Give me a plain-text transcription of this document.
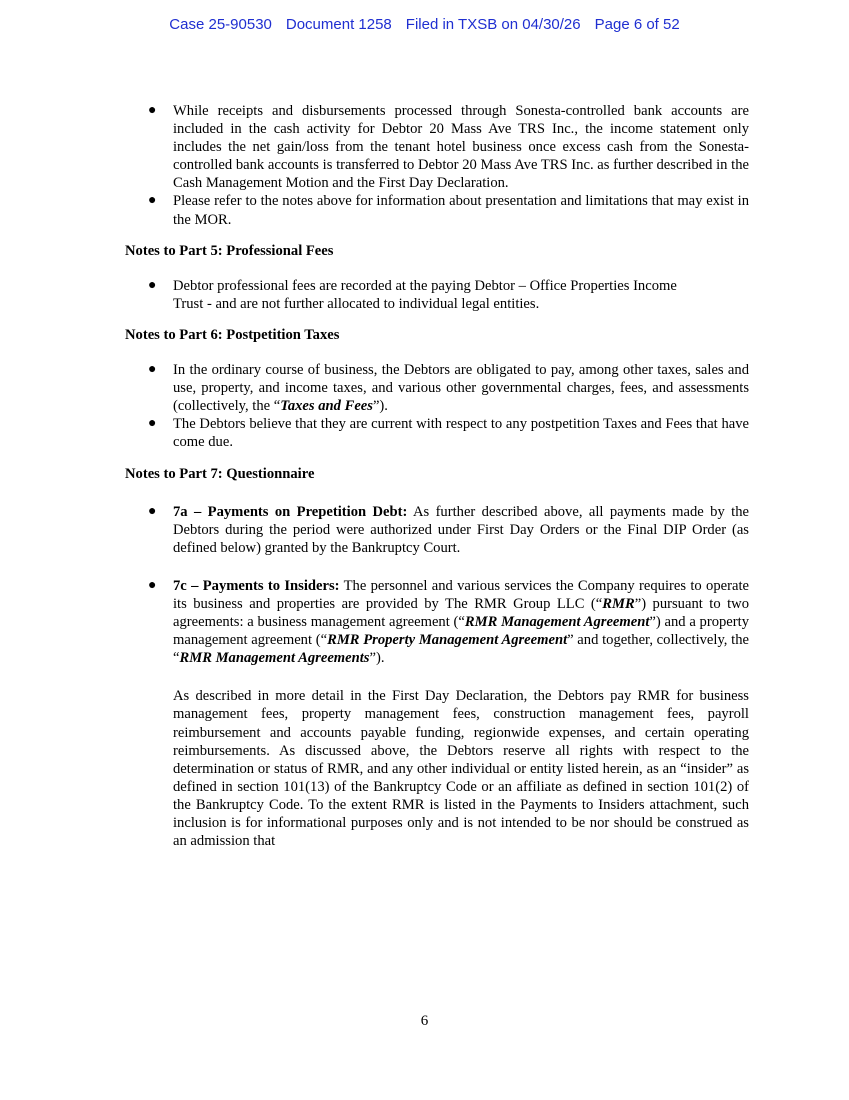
Case 25-90530 Document 1258 Filed in TXSB on 04/30/26 Page 6 of 52
● While receipts and disbursements processed through Sonesta-controlled bank accounts are included in the cash activity for Debtor 20 Mass Ave TRS Inc., the income statement only includes the net gain/loss from the tenant hotel business once excess cash from the Sonesta-controlled bank accounts is transferred to Debtor 20 Mass Ave TRS Inc. as further described in the Cash Management Motion and the First Day Declaration.
● Please refer to the notes above for information about presentation and limitations that may exist in the MOR.

Notes to Part 5: Professional Fees

● Debtor professional fees are recorded at the paying Debtor – Office Properties Income Trust - and are not further allocated to individual legal entities.

Notes to Part 6: Postpetition Taxes

● In the ordinary course of business, the Debtors are obligated to pay, among other taxes, sales and use, property, and income taxes, and various other governmental charges, fees, and assessments (collectively, the “Taxes and Fees”).
● The Debtors believe that they are current with respect to any postpetition Taxes and Fees that have come due.

Notes to Part 7: Questionnaire

● 7a – Payments on Prepetition Debt: As further described above, all payments made by the Debtors during the period were authorized under First Day Orders or the Final DIP Order (as defined below) granted by the Bankruptcy Court.
● 7c – Payments to Insiders: The personnel and various services the Company requires to operate its business and properties are provided by The RMR Group LLC (“RMR”) pursuant to two agreements: a business management agreement (“RMR Management Agreement”) and a property management agreement (“RMR Property Management Agreement” and together, collectively, the “RMR Management Agreements”).

As described in more detail in the First Day Declaration, the Debtors pay RMR for business management fees, property management fees, construction management fees, payroll reimbursement and accounts payable funding, regionwide expenses, and certain operating reimbursements. As discussed above, the Debtors reserve all rights with respect to the determination or status of RMR, and any other individual or entity listed herein, as an “insider” as defined in section 101(13) of the Bankruptcy Code or an affiliate as defined in section 101(2) of the Bankruptcy Code. To the extent RMR is listed in the Payments to Insiders attachment, such inclusion is for informational purposes only and is not intended to be nor should be construed as an admission that

6
